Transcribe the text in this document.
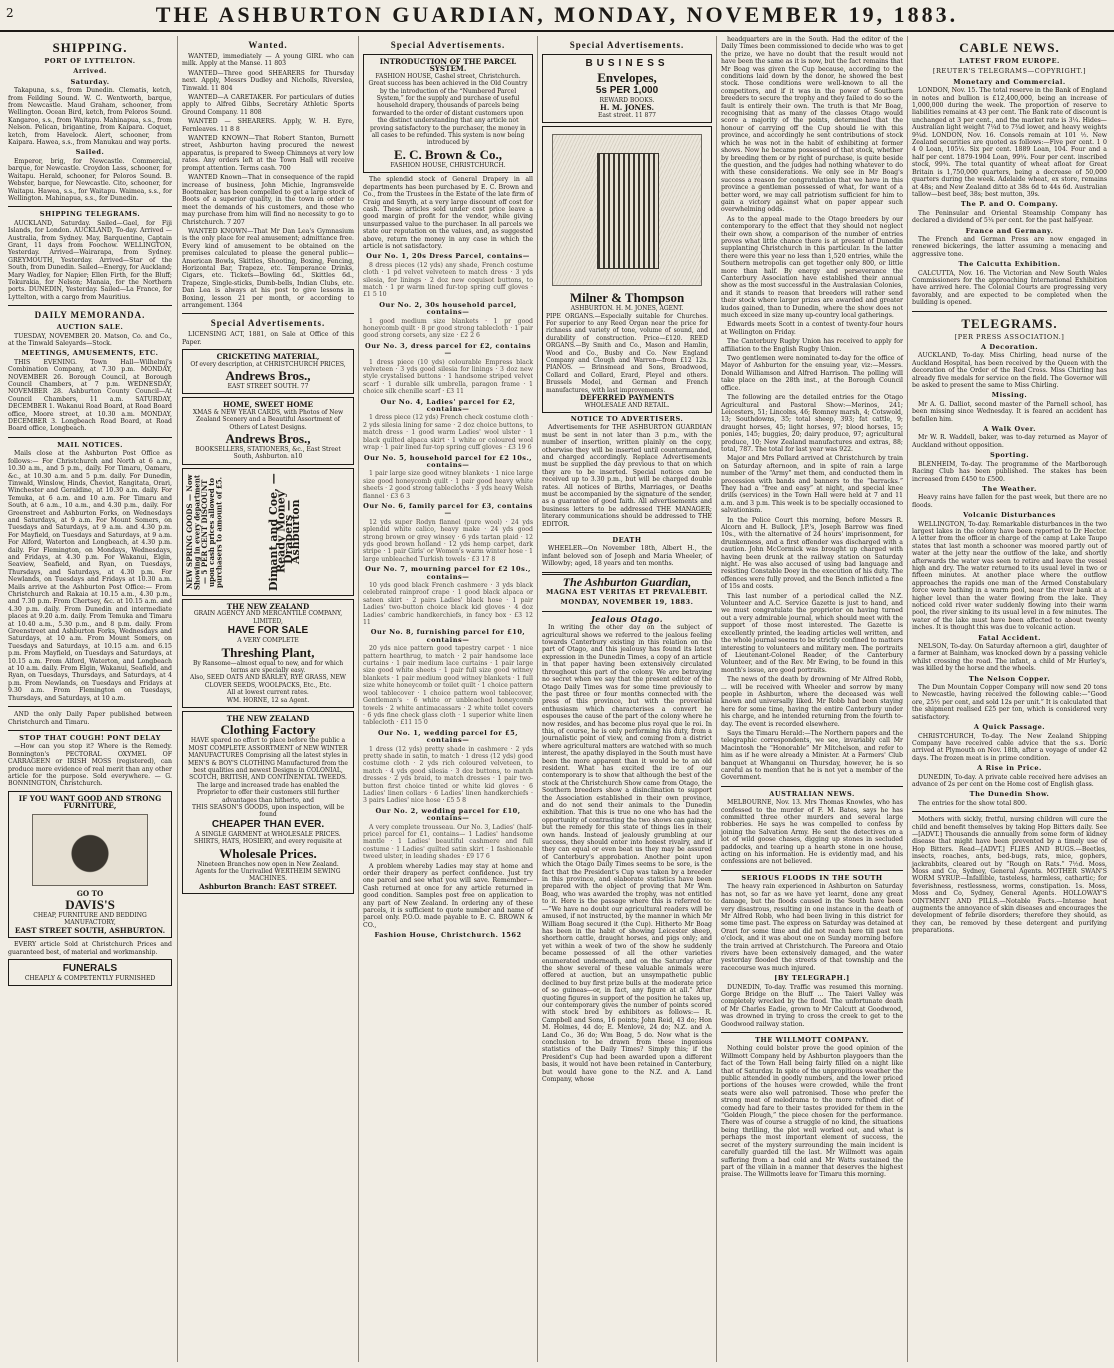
2	THE ASHBURTON GUARDIAN, MONDAY, NOVEMBER 19, 1883.
SHIPPING.
PORT OF LYTTELTON.
Arrived.
Saturday.

Takapuna, s.s., from Dunedin. Clematis, ketch, from Feilding Sound. W. C. Wentworth, barque, from Newcastle. Maud Graham, schooner, from Wellington. Ocean Bird, ketch, from Peloros Sound. Kangaroo, s.s., from Waitapu. Mahinapua, s.s., from Nelson. Pelican, brigantine, from Kaipara. Coquet, ketch, from Havelock. Alert, schooner, from Kaipara. Hawea, s.s., from Manukau and way ports.

Sailed.

Emperor, brig, for Newcastle. Commercial, barque, for Newcastle. Croydon Lass, schooner, for Waitapu. Herald, schooner, for Peloros Sound. B. Webster, barque, for Newcastle. Cito, schooner, for Waitapu. Hawea, s.s., for Waitapu. Waimea, s.s., for Wellington. Mahinapua, s.s., for Dunedin.

SHIPPING TELEGRAMS.

AUCKLAND, Saturday. Sailed—Gael, for Fiji Islands, for London. AUCKLAND, To-day. Arrived — Australia, from Sydney. May, Barquentine, Captain Grant, 11 days from Foochow. WELLINGTON, Yesterday. Arrived—Wairarapa, from Sydney. GREYMOUTH, Yesterday. Arrived—Star of the South, from Dunedin. Sailed—Energy, for Auckland; Mary Wadley, for Napier; Ellen Firth, for the Bluff; Tekurakia, for Nelson; Manaia, for the Northern ports. DUNEDIN, Yesterday. Sailed—La France, for Lyttelton, with a cargo from Mauritius.

DAILY MEMORANDA.
AUCTION SALE.

TUESDAY, NOVEMBER 20. Matson, Co. and Co., at the Tinwald Saleyards—Stock.

MEETINGS, AMUSEMENTS, ETC.

THIS EVENING. Town Hall—Wilhelmj's Combination Company, at 7.30 p.m. MONDAY, NOVEMBER 26. Borough Council, at Borough Council Chambers, at 7 p.m. WEDNESDAY, NOVEMBER 28. Ashburton County Council—At Council Chambers, 11 a.m. SATURDAY, DECEMBER 1. Wakanui Road Board, at Road Board office, Moore street, at 10.30 a.m. MONDAY, DECEMBER 3. Longbeach Road Board, at Road Board office, Longbeach.

MAIL NOTICES.

Mails close at the Ashburton Post Office as follows:— For Christchurch and North at 6 a.m., 10.30 a.m., and 5 p.m., daily. For Timaru, Oamaru, &c., at 10.30 a.m. and 5 p.m. daily. For Dunedin, Tinwald, Winslow, Hinds, Cheviot, Rangitata, Orari, Winchester and Geraldine, at 10.30 a.m. daily. For Temuka, at 6 a.m. and 10 a.m. For Timaru and South, at 6 a.m., 10 a.m., and 4.30 p.m., daily. For Greenstreet and Ashburton Forks, on Wednesdays and Saturdays, at 9 a.m. For Mount Somers, on Tuesdays and Saturdays, at 9 a.m. and 4.30 p.m. For Mayfield, on Tuesdays and Saturdays, at 9 a.m. For Alford, Waterton and Longbeach, at 4.30 p.m. daily. For Flemington, on Mondays, Wednesdays, and Fridays, at 4.30 p.m. For Wakanui, Elgin, Seaview, Seafield, and Ryan, on Tuesdays, Thursdays, and Saturdays, at 4.30 p.m. For Newlands, on Tuesdays and Fridays at 10.30 a.m. Mails arrive at the Ashburton Post Office:— From Christchurch and Rakaia at 10.15 a.m., 4.30 p.m., and 7.30 p.m. From Chertsey, &c. at 10.15 a.m. and 4.30 p.m. daily. From Dunedin and intermediate places at 9.20 a.m. daily. From Temuka and Timaru at 10.40 a.m., 5.30 p.m., and 8 p.m. daily. From Greenstreet and Ashburton Forks, Wednesdays and Saturdays, at 10 a.m. From Mount Somers, on Tuesdays and Saturdays, at 10.15 a.m. and 6.15 p.m. From Mayfield, on Tuesdays and Saturdays, at 10.15 a.m. From Alford, Waterton, and Longbeach at 10 a.m. daily. From Elgin, Wakanui, Seafield, and Ryan, on Tuesdays, Thursdays, and Saturdays, at 4 p.m. From Newlands, on Tuesdays and Fridays at 9.30 a.m. From Flemington on Tuesdays, Thursdays, and Saturdays, at 10 a.m.

AND the only Daily Paper published between Christchurch and Timaru.

STOP THAT COUGH! PONT DELAY

—How can you stop it? Where is the Remedy. Bonnington's PECTORAL OXYMEL OF CARRAGEEN or IRISH MOSS (registered), can produce more evidence of real merit than any other article for the purpose. Sold everywhere. — G. BONNINGTON, Christchurch.

IF YOU WANT GOOD AND STRONG FURNITURE,
GO TO
DAVIS'S
CHEAP, FURNITURE AND BEDDING MANUFACTORY,
EAST STREET SOUTH, ASHBURTON.

EVERY article Sold at Christchurch Prices and guaranteed best, of material and workmanship.

FUNERALS
CHEAPLY & COMPETENTLY FURNISHED
Wanted.

WANTED, immediately — A young GIRL who can milk. Apply at the Manse. 11 803

WANTED—Three good SHEARERS for Thursday next. Apply, Messrs Dudley and Nicholls, Riverslea, Tinwald. 11 804

WANTED—A CARETAKER. For particulars of duties apply to Alfred Gibbs, Secretary Athletic Sports Ground Company. 11 808

WANTED — SHEARERS. Apply, W. H. Eyre, Fernleaves. 11 8 8

WANTED KNOWN—That Robert Stanton, Burnett street, Ashburton having procured the newest apparatus, is prepared to Sweep Chimneys at very low rates. Any orders left at the Town Hall will receive prompt attention. Terms cash. 700

WANTED Known—That in consequence of the rapid increase of business, John Michie, Ingramsvelde Bootmaker, has been compelled to get a large stock of Boots of a superior quality, in the town in order to meet the demands of his customers, and those who may purchase from him will find no necessity to go to Christchurch. 7 207

WANTED KNOWN—That Mr Dan Lea's Gymnasium is the only place for real amusement; admittance free. Every kind of amusement to be obtained on the premises calculated to please the general public—American Bowls, Skittles, Shooting, Boxing, Fencing, Horizontal Bar, Trapeze, etc. Temperance Drinks, Cigars, etc. Tickets—Bowling 6d., Skittles 6d., Trapeze, Single-sticks, Dumb-bells, Indian Clubs, etc. Dan Lea is always at his post to give lessons in Boxing, lesson 21 per month, or according to arrangement. 1364

Special Advertisements.

LICENSING ACT, 1881, on Sale at Office of this Paper.

CRICKETING MATERIAL,
Of every description, at CHRISTCHURCH PRICES,
Andrews Bros.,
EAST STREET SOUTH. 77
HOME, SWEET HOME
XMAS & NEW YEAR CARDS, with Photos of New Zealand Scenery and a Beautiful Assortment of Others of Latest Designs.
Andrews Bros.,
BOOKSELLERS, STATIONERS, &c., East Street South, Ashburton. n10
NEW SPRING GOODS — Now Showing in every department — 5 PER CENT DISCOUNT upon cash prices allowed to purchasers to amount of £5.	Dimant and Coe, — Ready Money Drapers — Ashburton
THE NEW ZEALAND
GRAIN AGENCY AND MERCANTILE COMPANY, LIMITED,
HAVE FOR SALE
A VERY COMPLETE
Threshing Plant,
By Ransome—almost equal to new, and for which terms are specially easy.
Also, SEED OATS AND BARLEY, RYE GRASS, NEW CLOVER SEEDS, WOOLPACKS, Etc., Etc.
All at lowest current rates.
WM. HORNE, 12 sa Agent.
THE NEW ZEALAND
Clothing Factory
HAVE spared no effort to place before the public a MOST COMPLETE ASSORTMENT of NEW WINTER MANUFACTURES Comprising all the latest styles in MEN'S & BOY'S CLOTHING Manufactured from the best qualities and newest Designs in COLONIAL, SCOTCH, BRITISH, AND CONTINENTAL TWEEDS.
The large and increased trade has enabled the Proprietor to offer their customers still further advantages than hitherto, and
THIS SEASON'S GOODS, upon inspection, will be found
CHEAPER THAN EVER.
A SINGLE GARMENT at WHOLESALE PRICES.
SHIRTS, HATS, HOSIERY, and every requisite at
Wholesale Prices.
Nineteen Branches now open in New Zealand.
Agents for the Unrivalled WERTHEIM SEWING MACHINES.
Ashburton Branch: EAST STREET.
Special Advertisements.
INTRODUCTION OF THE PARCEL SYSTEM.
FASHION HOUSE, Cashel street, Christchurch. Great success has been achieved in the Old Country by the introduction of the “Numbered Parcel System,” for the supply and purchase of useful household drapery, thousands of parcels being forwarded to the order of distant customers upon the distinct understanding that any article not proving satisfactory to the purchaser, the money in all cases to be refunded. This system is now being introduced by
E. C. Brown & Co.,
FASHION HOUSE, CHRISTCHURCH.

The splendid stock of General Drapery in all departments has been purchased by E. C. Brown and Co., from the Trustees in the Estate of the late firm of Craig and Smyth, at a very large discount off cost for cash. These articles sold under cost price leave a good margin of profit for the vendor, while giving unsurpassed value to the purchaser. In all parcels we state our reputation on the values, and, as suggested above, return the money in any case in which the article is not satisfactory.

Our No. 1, 20s Dress Parcel, contains—

8 dress pieces (12 yds) any shade, French costume cloth · 1 pd velvet velveteen to match dress · 3 yds silesia, for linings · 2 doz new coquisot buttons, to match · 1 pr warm lined fur-top spring cuff gloves · £1 5 10

Our No. 2, 30s household parcel, contains—

1 good medium size blankets · 1 pr good honeycomb quilt · 8 pr good strong tablecloth · 1 pair good strong corsets, any size · £2 2 6

Our No. 3, dress parcel for £2, contains—

1 dress piece (10 yds) colourable Empress black velveteen · 3 yds good silesia for linings · 3 doz new style crystalised buttons · 1 handsome striped velvet scarf · 1 durable silk umbrella, paragon frame · 1 choice silk chenille scarf · £3 11

Our No. 4, Ladies' parcel for £2, contains—

1 dress piece (12 yds) French check costume cloth · 2 yds silesia lining for same · 2 doz choice buttons, to match dress · 1 good warm Ladies' wool ulster · 1 black quilted alpaca skirt · 1 white or coloured wool wrap · 1 pair lined fur-top spring cuff gloves · £3 19 6

Our No. 5, household parcel for £2 10s., contains—

1 pair large size good witney blankets · 1 nice large size good honeycomb quilt · 1 pair good heavy white sheets · 2 good strong tablecloths · 3 yds heavy Welsh flannel · £3 6 3

Our No. 6, family parcel for £3, contains—

12 yds super Rodyn flannel (pure wool) · 24 yds splendid white calico, heavy make · 24 yds good strong brown or grey winsey · 6 yds tartan plaid · 12 yds good brown holland · 12 yds hemp carpet, dark stripe · 1 pair Girls' or Women's warm winter hose · 1 large unbleached Turkish towels · £3 17 8

Our No. 7, mourning parcel for £2 10s., contains—

10 yds good black French cashmere · 3 yds black celebrated rainproof crape · 1 good black alpaca or sateen skirt · 2 pairs Ladies' black hose · 1 pair Ladies' two-button choice black kid gloves · 4 doz Ladies' cambric handkerchiefs, in fancy box · £3 12 11

Our No. 8, furnishing parcel for £10, contains—

20 yds nice pattern good tapestry carpet · 1 nice pattern hearthrug, to match · 2 pair handsome lace curtains · 1 pair medium lace curtains · 1 pair large size good white sheets · 1 pair full size good witney blankets · 1 pair medium good witney blankets · 1 full size white honeycomb or toilet quilt · 1 choice pattern wool tablecover · 1 choice pattern wool tablecover, Gentleman's · 6 white or unbleached honeycomb towels · 2 white antimacassars · 2 white toilet covers · 6 yds fine check glass cloth · 1 superior white linen tablecloth · £11 15 0

Our No. 1, wedding parcel for £5, contains—

1 dress (12 yds) pretty shade in cashmere · 2 yds pretty shade in satin, to match · 1 dress (12 yds) good costume cloth · 2 yds rich coloured velveteen, to match · 4 yds good silesia · 3 doz buttons, to match dresses · 2 yds braid, to match dresses · 1 pair two-button first choice tinted or white kid gloves · 6 Ladies' linen collars · 6 Ladies' linen handkerchiefs · 3 pairs Ladies' nice hose · £5 5 8

Our No. 2, wedding parcel for £10, contains—

A very complete trousseau. Our No. 3, Ladies' (half-price) parcel for £1, contains— 1 Ladies' handsome mantle · 1 Ladies' beautiful cashmere and full costume · 1 Ladies' quilted satin skirt · 1 fashionable tweed ulster, in leading shades · £9 17 6

A problem whereby Ladies may stay at home and order their drapery as perfect confidence. Just try one parcel and see what you will save. Remember—Cash returned at once for any article returned in good condition. Samples post free on application to any part of New Zealand. In ordering any of these parcels, it is sufficient to quote number and name of parcel only. P.O.O. made payable to E. C. BROWN & CO.,

Fashion House, Christchurch. 1562
Special Advertisements.
BUSINESS
Envelopes,
5s PER 1,000
REWARD BOOKS.
H. M. JONES.
East street. 11 877
Milner & Thompson
ASHBURTON. H. M. JONES, AGENT.
PIPE ORGANS.—Especially suitable for Churches. For superior to any Reed Organ near the price for richness and variety of tone, volume of sound, and durability of construction. Price—£120. REED ORGANS.—By Smith and Co., Mason and Hamlin, Wood and Co., Busby and Co. New England Company and Clough and Warren—from £12 12s. PIANOS. — Brinsmead and Sons, Broadwood, Collard and Collard, Erard, Pleyel and others. Brussels Model, and German and French manufactures, with last improvements.
DEFERRED PAYMENTS
WHOLESALE AND RETAIL.
NOTICE TO ADVERTISERS.

Advertisements for THE ASHBURTON GUARDIAN must be sent in not later than 3 p.m., with the number of insertion, written plainly on the copy, otherwise they will be inserted until countermanded, and charged accordingly. Replace Advertisements must be supplied the day previous to that on which they are to be inserted. Special notices can be received up to 3.30 p.m., but will be charged double rates. All notices of Births, Marriages, or Deaths must be accompanied by the signature of the sender, as a guarantee of good faith. All advertisements and business letters to be addressed THE MANAGER; literary communications should be addressed to THE EDITOR.

DEATH

WHEELER—On November 18th, Albert H., the infant beloved son of Joseph and Maria Wheeler, of Willowby; aged, 18 years and ten months.

The Ashburton Guardian,
MAGNA EST VERITAS ET PREVALEBIT.
MONDAY, NOVEMBER 19, 1883.
Jealous Otago.

In writing the other day on the subject of agricultural shows we referred to the jealous feeling towards Canterbury existing in this relation on the part of Otago, and this jealousy has found its latest expression in the Dunedin Times, a copy of an article in that paper having been extensively circulated throughout this part of the colony. We are betraying no secret when we say that the present editor of the Otago Daily Times was for some time previously to the past three or four months connected with the press of this province, but with the proverbial enthusiasm which characterises a convert he espouses the cause of the part of the colony where he now resides, and has become plus royal que le roi. In this, of course, he is only performing his duty, from a journalistic point of view, and coming from a district where agricultural matters are watched with so much interest, the apathy displayed in the South must have been the more apparent than it would be to an old resident. What has excited the ire of our contemporary is to show that although the best of the stock at the Christchurch Show came from Otago, the Southern breeders show a disinclination to support the Association established in their own province, and do not send their animals to the Dunedin exhibition. That this is true no one who has had the opportunity of contrasting the two shows can gainsay, but the remedy for this state of things lies in their own hands. Instead of jealously grumbling at our success, they should enter into honest rivalry, and if they can equal or even beat us they may be assured of Canterbury's approbation. Another point upon which the Otago Daily Times seems to be sore, is the fact that the President's Cup was taken by a breeder in this province, and elaborate statistics have been prepared with the object of proving that Mr Wm. Boag, who was awarded the trophy, was not entitled to it. Here is the passage where this is referred to:—“We have no doubt our agricultural readers will be amused, if not instructed, by the manner in which Mr William Boag secured it (the Cup). Hitherto Mr Boag has been in the habit of showing Leicester sheep, shorthorn cattle, draught horses, and pigs only; and yet within a week of two of the show he suddenly became possessed of all the other varieties enumerated underneath, and on the Saturday after the show several of these valuable animals were offered at auction, but an unsympathetic public declined to buy first prize bulls at the moderate price of so guineas—or, in fact, any figure at all.” After quoting figures in support of the position he takes up, our contemporary gives the number of points scored with stock bred by exhibitors as follows:— R. Campbell and Sons, 16 points; John Reid, 43 do; Hon M. Holmes, 44 do; E. Menlove, 24 do; N.Z. and A. Land Co., 36 do; Wm Boag, 5 do. Now what is the conclusion to be drawn from these ingenious statistics of the Daily Times? Simply this; if the President's Cup had been awarded upon a different basis, it would not have been retained in Canterbury, but would have gone to the N.Z. and A. Land Company, whose

headquarters are in the South. Had the editor of the Daily Times been commissioned to decide who was to get the prize, we have no doubt that the result would not have been the same as it is now, but the fact remains that Mr Boag was given the Cup because, according to the conditions laid down by the donor, he showed the best stock. Those conditions were well-known to all the competitors, and if it was in the power of Southern breeders to secure the trophy and they failed to do so the fault is entirely their own. The truth is that Mr Boag, recognising that as many of the classes Otago would score a majority of the points, determined that the honour of carrying off the Cup should lie with this province, and accordingly he sent contributions of stock which he was not in the habit of exhibiting at former shows. Now he became possessed of that stock, whether by breeding them or by right of purchase, is quite beside the question, and the judges had nothing whatever to do with these considerations. We only see in Mr Boag's success a reason for congratulation that we have in this province a gentleman possessed of what, for want of a better word, we may call patriotism sufficient for him to gain a victory against what on paper appear such overwhelming odds.

As to the appeal made to the Otago breeders by our contemporary to the effect that they should not neglect their own show, a comparison of the number of entries proves what little chance there is at present of Dunedin supplanting Christchurch in this particular. In the latter there were this year no less than 1,520 entries, while the Southern metropolis can get together only 800, or little more than half. By energy and perseverance the Canterbury Association have established their annual show as the most successful in the Australasian Colonies, and it stands to reason that breeders will rather send their stock where larger prizes are awarded and greater kudos gained, than to Dunedin, where the show does not much exceed in size many up-country local gatherings.

Edwards meets Scott in a contest of twenty-four hours at Wellington on Friday.

The Canterbury Rugby Union has received to apply for affiliation to the English Rugby Union.

Two gentlemen were nominated to-day for the office of Mayor of Ashburton for the ensuing year, viz:—Messrs. Donald Williamson and Alfred Harrison. The polling will take place on the 28th inst., at the Borough Council office.

The following are the detailed entries for the Otago Agricultural and Pastoral Show:—Merinos, 241; Leicesters, 51; Lincolns, 46; Romney marsh, 4; Cotswold, 13; Southdowns, 35; total sheep, 393; fat cattle, 9; draught horses, 45; light horses, 97; blood horses, 15; ponies, 145; buggies, 20; dairy produce, 97; agricultural produce, 10; New Zealand manufactures and extras, 88; total, 787. The total for last year was 922.

Major and Mrs Pollard arrived at Christchurch by train on Saturday afternoon, and in spite of rain a large number of the “Army” met them, and conducted them in procession with bands and banners to the “barracks.” They had a “free and easy” at night, and special knee drills (services) in the Town Hall were held at 7 and 11 a.m. and 3 p.m. This week is to be specially occasioned to salvationism.

In the Police Court this morning, before Messrs R. Alcorn and H. Bullock, J.P.'s, Joseph Barrow was fined 10s., with the alternative of 24 hours' imprisonment, for drunkenness, and a first offender was discharged with a caution. John McCormick was brought up charged with having been drunk at the railway station on Saturday night. He was also accused of using bad language and resisting Constable Doey in the execution of his duty. The offences were fully proved, and the Bench inflicted a fine of 15s and costs.

This last number of a periodical called the N.Z. Volunteer and A.C. Service Gazette is just to hand, and we must congratulate the proprietor on having turned out a very admirable journal, which should meet with the support of those most interested. The Gazette is excellently printed, the leading articles well written, and the whole journal seems to be strictly confined to matters interesting to volunteers and military men. The portraits of Lieutenant-Colonel Reader, of the Canterbury Volunteer, and of the Rev. Mr Ewing, to be found in this month's issue, are good portraits.

The news of the death by drowning of Mr Alfred Robb, ... will be received with Wheeler and sorrow by many people in Ashburton, where the deceased was well known and universally liked. Mr Robb had been staying here for some time, having the entire Canterbury under his charge, and he intended returning from the fourth to-day. The event is recorded elsewhere.

Says the Timaru Herald:—The Northern papers and the telegraphic correspondents, we see, invariably call Mr Macintosh the “Honorable” Mr Mitchelson, and refer to him as if he were already a Minister. At a Farmers' Club banquet at Whanganui on Thursday, however, he is so careful as to mention that he is not yet a member of the Government.

AUSTRALIAN NEWS.

MELBOURNE, Nov. 13. Mrs Thomas Knowles, who has confessed to the murder of F. M. Bates, says he has committed three other murders and several large robberies. He says he was compelled to confess by joining the Salvation Army. He sent the detectives on a lot of wild goose chases, digging up stones in secluded paddocks, and tearing up a hearth stone in one house, acting on his information. He is evidently mad, and his confessions are not believed.

SERIOUS FLOODS IN THE SOUTH

The heavy rain experienced in Ashburton on Saturday has not, so far as we have yet learnt, done any great damage, but the floods caused in the South have been very disastrous, resulting in one instance in the death of Mr Alfred Robb, who had been living in this district for some time past. The express on Saturday was detained at Orari for some time and did not reach here till past ten o'clock, and it was about one on Sunday morning before the train arrived at Christchurch. The Pareora and Otaio rivers have been extensively damaged, and the water yesterday flooded the streets of that township and the racecourse was much injured.

[BY TELEGRAPH.]

DUNEDIN, To-day. Traffic was resumed this morning. Gorge Bridge on the Bluff ... The Taieri Valley was completely wrecked by the flood. The unfortunate death of Mr Charles Eadie, grown to Mr Calcutt at Goodwood, was drowned in trying to cross the creek to get to the Goodwood railway station.

THE WILLMOTT COMPANY.

Nothing could bolster prove the good opinion of the Willmott Company held by Ashburton playgoers than the fact of the Town Hall being fairly filled on a night like that of Saturday. In spite of the unpropitious weather the public attended in goodly numbers, and the lower priced portions of the houses were crowded, while the front seats were also well patronised. Those who prefer the strong meat of melodrama to the more refined diet of comedy had fare to their tastes provided for them in the “Golden Plough,” the piece chosen for the performance. There was of course a struggle of no kind, the situations being thrilling, the plot well worked out, and what is perhaps the most important element of success, the secret of the mystery surrounding the main incident is carefully guarded till the last. Mr Willmott was again suffering from a bad cold and Mr Watts sustained the part of the villain in a manner that deserves the highest praise. The Willmotts leave for Timaru this morning.

CABLE NEWS.
LATEST FROM EUROPE.
[REUTER'S TELEGRAMS—COPYRIGHT.]
Monetary and Commercial.

LONDON, Nov. 15. The total reserve in the Bank of England in notes and bullion is £12,400,000, being an increase of 1,000,000 during the week. The proportion of reserve to liabilities remains at 43 per cent. The Bank rate of discount is unchanged at 3 per cent., and the market rate is 3¼. Hides—Australian light weight 7¼d to 7¾d lower, and heavy weights 9¾d. LONDON, Nov. 16. Consols remain at 101 ½. New Zealand securities are quoted as follows:—Five per cent. 1 0 4 0 Loan, 105¼. Six per cent. 1889 Loan, 104. Four and a half per cent. 1879-1904 Loan, 99¾. Four per cent. inscribed stock, 99¾. The total quantity of wheat afloat for Great Britain is 1,750,000 quarters, being a decrease of 50,000 quarters during the week. Adelaide wheat, ex store, remains at 48s; and New Zealand ditto at 38s 6d to 44s 6d. Australian tallow—best beef, 38s; best mutton, 39s.

The P. and O. Company.

The Peninsular and Oriental Steamship Company has declared a dividend of 5¼ per cent. for the past half-year.

France and Germany.

The French and German Press are now engaged in renewed bickerings, the latter assuming a menacing and aggressive tone.

The Calcutta Exhibition.

CALCUTTA, Nov. 16. The Victorian and New South Wales Commissioners for the approaching International Exhibition have arrived here. The Colonial Courts are progressing very favorably, and are expected to be completed when the building is opened.

TELEGRAMS.
[PER PRESS ASSOCIATION.]
A Decoration.

AUCKLAND, To-day. Miss Chirling, head nurse of the Auckland Hospital, has been received by the Queen with the decoration of the Order of the Red Cross. Miss Chirling has already five medals for service on the field. The Governor will be asked to present the same to Miss Chirling.

Missing.

Mr A. G. Dalliot, second master of the Parnell school, has been missing since Wednesday. It is feared an accident has befallen him.

A Walk Over.

Mr W. R. Waddell, baker, was to-day returned as Mayor of Auckland without opposition.

Sporting.

BLENHEIM, To-day. The programme of the Marlborough Racing Club has been published. The stakes has been increased from £450 to £500.

The Weather.

Heavy rains have fallen for the past week, but there are no floods.

Volcanic Disturbances

WELLINGTON, To-day. Remarkable disturbances in the two largest lakes in the colony have been reported to Dr Hector. A letter from the officer in charge of the camp at Lake Taupo states that last month a schooner was moored partly out of water at the jetty near the outflow of the lake, and shortly afterwards the water was seen to retire and leave the vessel high and dry. The water returned to its usual level in two or fifteen minutes. At another place where the outflow approaches the rapids one man of the Armed Constabulary force were bathing in a warm pool, near the river bank at a higher level than the water flowing from the lake. They noticed cold river water suddenly flowing into their warm pool, the river sinking to its usual level in a few minutes. The water of the lake must have been affected to about twenty inches. It is thought this was due to volcanic action.

Fatal Accident.

NELSON, To-day. On Saturday afternoon a girl, daughter of a farmer at Bainham, was knocked down by a passing vehicle whilst crossing the road. The infant, a child of Mr Hurley's, was killed by the horse and the wheels.

The Nelson Copper.

The Dun Mountain Copper Company will now send 20 tons to Newcastle, having received the following cable:—“Good ore, 25½ per cent, and sold 12s per unit.” It is calculated that the shipment realised £25 per ton, which is considered very satisfactory.

A Quick Passage.

CHRISTCHURCH, To-day. The New Zealand Shipping Company have received cable advice that the s.s. Doric arrived at Plymouth on Nov. 18th, after a voyage of under 42 days. The frozen meat is in prime condition.

A Rise in Price.

DUNEDIN, To-day. A private cable received here advises an advance of 2s per cent on the Home cost of English glass.

The Dunedin Show.

The entries for the show total 800.

Mothers with sickly, fretful, nursing children will cure the child and benefit themselves by taking Hop Bitters daily. See—[ADVT.] Thousands die annually from some form of kidney disease that might have been prevented by a timely use of Hop Bitters. Read—[ADVT.] FLIES AND BUGS.—Beetles, insects, roaches, ants, bed-bugs, rats, mice, gophers, jackrabbits, cleared out by “Rough on Rats.” 7½d. Moss, Moss and Co, Sydney, General Agents. MOTHER SWAN'S WORM SYRUP.—Infallible, tasteless, harmless, cathartic; for feverishness, restlessness, worms, constipation. 1s. Moss, Moss and Co, Sydney, General Agents. HOLLOWAY'S OINTMENT AND PILLS.—Notable Facts.—Intense heat augments the annoyance of skin diseases and encourages the development of febrile disorders; therefore they should, as they can, be removed by these detergent and purifying preparations.
